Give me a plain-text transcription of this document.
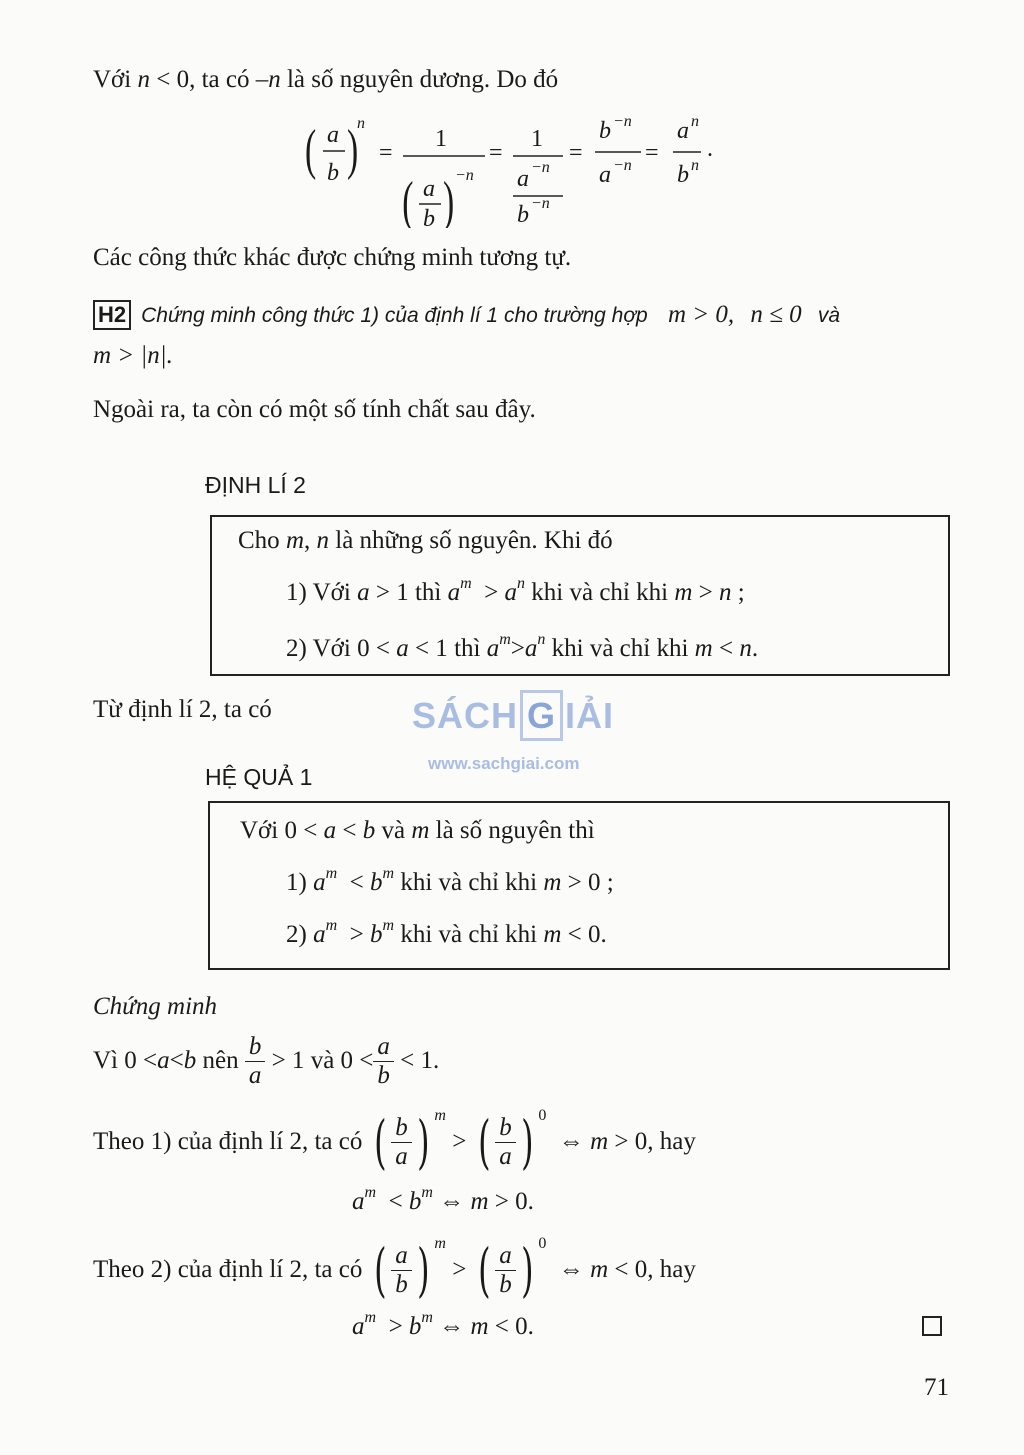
Với n < 0, ta có –n là số nguyên dương. Do đó
( a
b )
n
=
1
( a
b ) −n
=
1
a −n
b −n
=
b −n
a −n =
a n
b n
.
Các công thức khác được chứng minh tương tự.
H2 Chứng minh công thức 1) của định lí 1 cho trường hợp m > 0, n ≤ 0 và
m > |n|.
Ngoài ra, ta còn có một số tính chất sau đây.
ĐỊNH LÍ 2
Cho m, n là những số nguyên. Khi đó
1) Với a > 1 thì $a^m > a^n$ khi và chỉ khi m > n ;
2) Với 0 < a < 1 thì $a^m>a^n$ khi và chỉ khi m < n.
Từ định lí 2, ta có	SÁCH G IẢI
www.sachgiai.com
HỆ QUẢ 1
Với 0 < a < b và m là số nguyên thì
1) $a^m < b^m$ khi và chỉ khi m > 0 ;
2) $a^m > b^m$ khi và chỉ khi m < 0.
Chứng minh
Vì 0 < a < b
nên
$\frac{b}{a} > 1$ và $0 < \frac{a}{b} < 1$.
Theo 1) của định lí 2, ta có
( $\frac{b}{a}$ ) $^m$
> ( $\frac{b}{a}$ ) $^0$
⇔ m > 0, hay
$a^m < b^m$ ⇔ m > 0.
Theo 2) của định lí 2, ta có
( $\frac{a}{b}$ ) $^m$
> ( $\frac{a}{b}$ ) $^0$
⇔ m < 0, hay
$a^m > b^m$ ⇔ m < 0.
71
